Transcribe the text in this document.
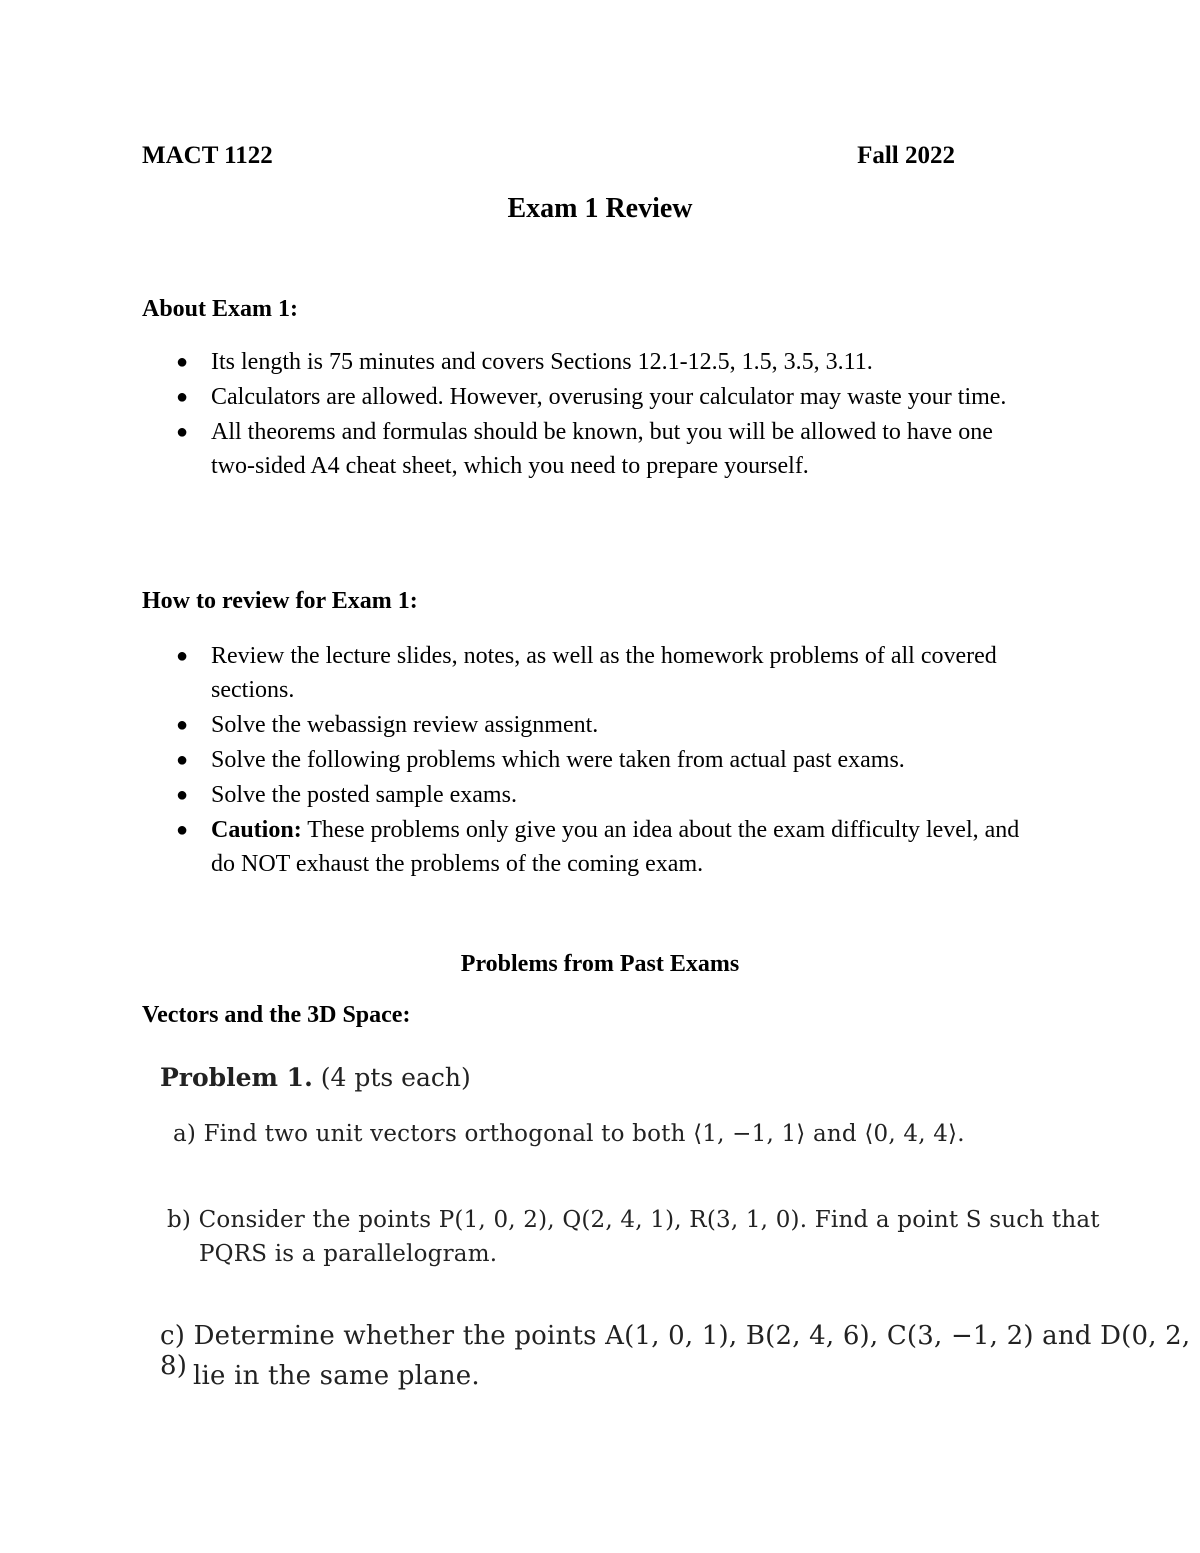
MACT 1122	Fall 2022
Exam 1 Review
About Exam 1:
● Its length is 75 minutes and covers Sections 12.1-12.5, 1.5, 3.5, 3.11.
● Calculators are allowed. However, overusing your calculator may waste your time.
● All theorems and formulas should be known, but you will be allowed to have one two-sided A4 cheat sheet, which you need to prepare yourself.
How to review for Exam 1:
● Review the lecture slides, notes, as well as the homework problems of all covered sections.
● Solve the webassign review assignment.
● Solve the following problems which were taken from actual past exams.
● Solve the posted sample exams.
● Caution: These problems only give you an idea about the exam difficulty level, and do NOT exhaust the problems of the coming exam.
Problems from Past Exams
Vectors and the 3D Space:
Problem 1. (4 pts each)
a) Find two unit vectors orthogonal to both ⟨1, −1, 1⟩ and ⟨0, 4, 4⟩.
b) Consider the points P(1, 0, 2), Q(2, 4, 1), R(3, 1, 0). Find a point S such that
PQRS is a parallelogram.
c) Determine whether the points A(1, 0, 1), B(2, 4, 6), C(3, −1, 2) and D(0, 2, 8) lie in the same plane.
